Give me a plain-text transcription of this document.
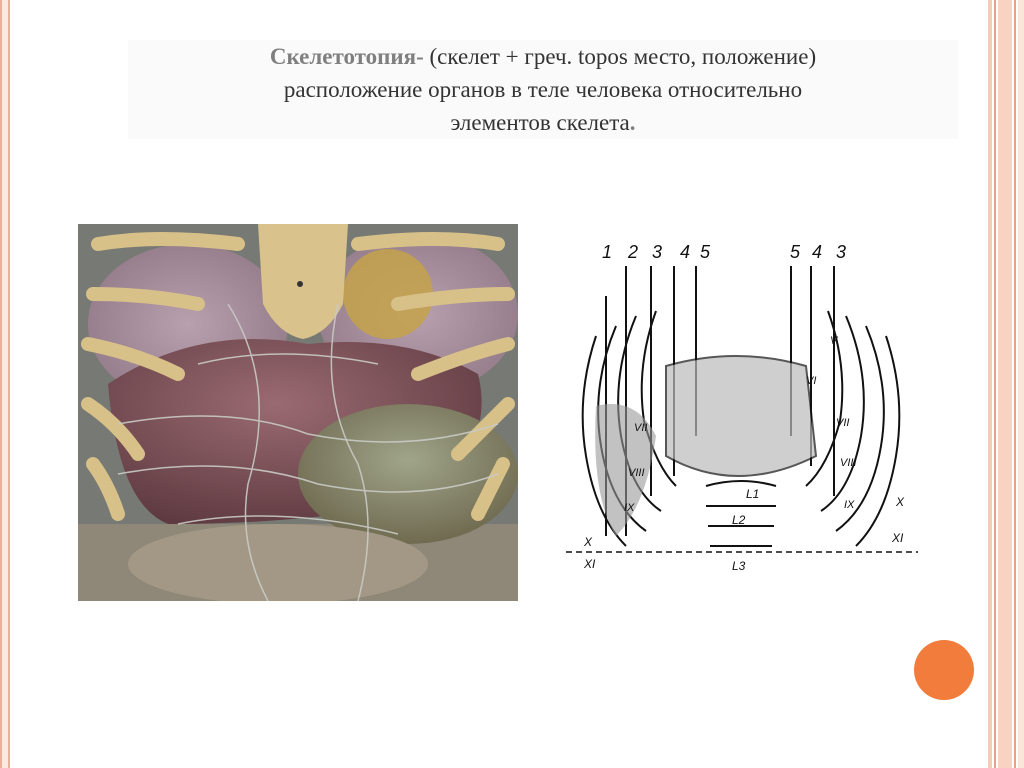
Скелетотопия- (скелет + греч. topos место, положение)
расположение органов в теле человека относительно
элементов скелета.
1 2 3 4 5	5 4 3
VII
VIII
IX
X
XI
V
VI
VII
VIII
IX	X
XI
L1
L2
L3
